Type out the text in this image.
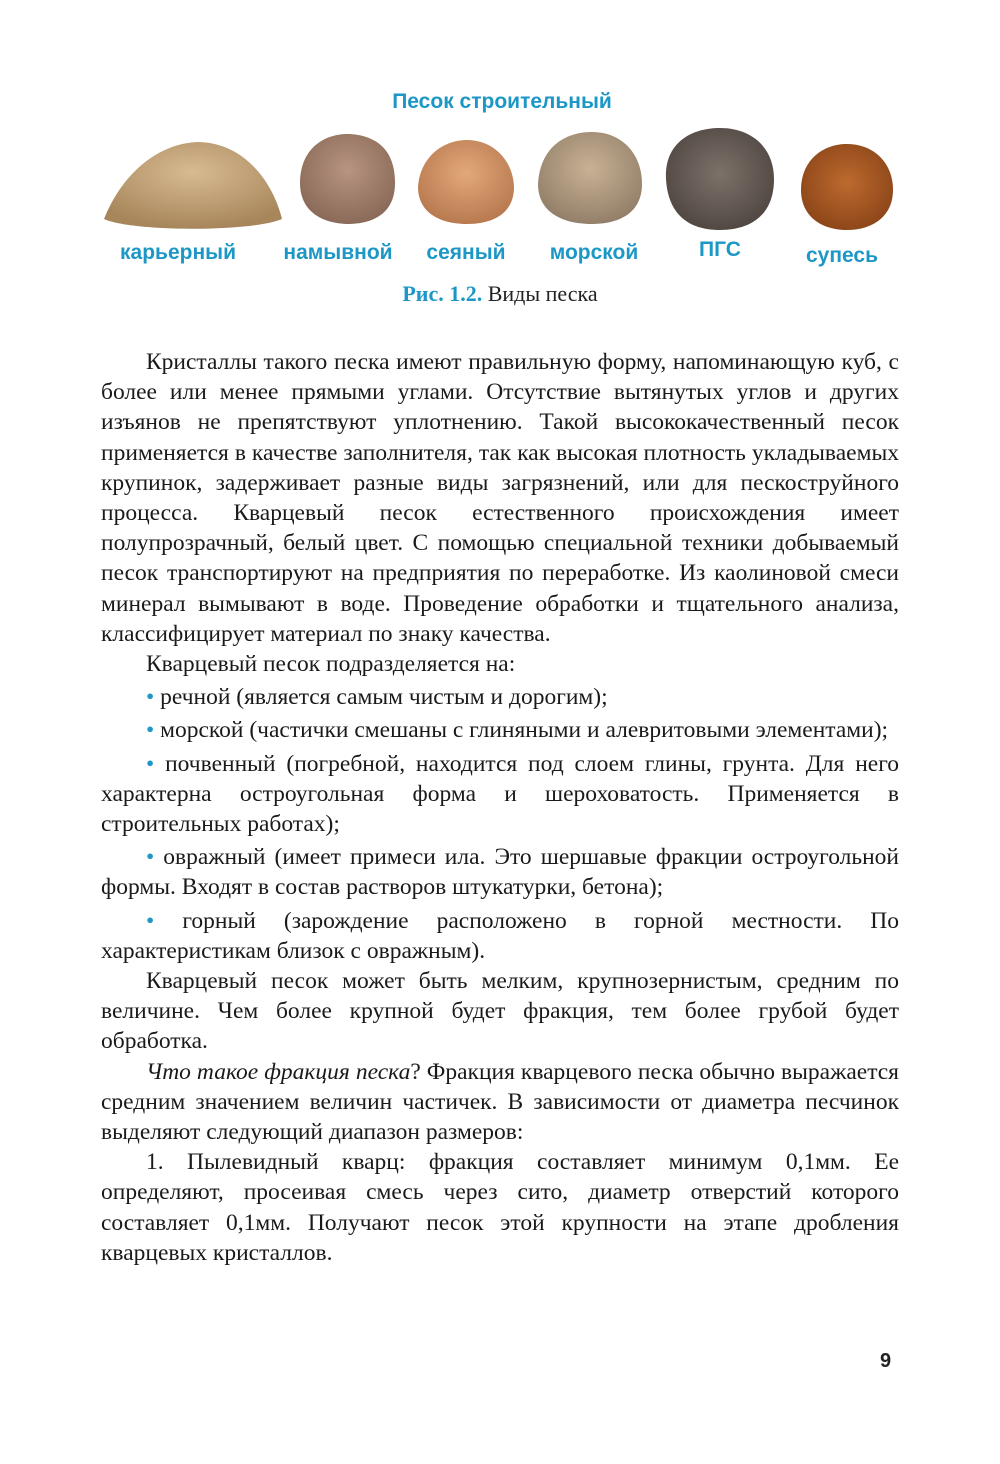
Песок строительный
карьерный намывной сеяный морской	ПГС	супесь
Рис. 1.2. Виды песка

Кристаллы такого песка имеют правильную форму, напоминающую куб, с более или менее прямыми углами. Отсутствие вытянутых углов и других изъянов не препятствуют уплотнению. Такой высококачественный песок применяется в качестве заполнителя, так как высокая плотность укладываемых крупинок, задерживает разные виды загрязнений, или для пескоструйного процесса. Кварцевый песок естественного происхождения имеет полупрозрачный, белый цвет. С помощью специальной техники добываемый песок транспортируют на предприятия по переработке. Из каолиновой смеси минерал вымывают в воде. Проведение обработки и тщательного анализа, классифицирует материал по знаку качества.

Кварцевый песок подразделяется на:

• речной (является самым чистым и дорогим);

• морской (частички смешаны с глиняными и алевритовыми элементами);

• почвенный (погребной, находится под слоем глины, грунта. Для него характерна остроугольная форма и шероховатость. Применяется в строительных работах);

• овражный (имеет примеси ила. Это шершавые фракции остроугольной формы. Входят в состав растворов штукатурки, бетона);

• горный (зарождение расположено в горной местности. По характеристикам близок с овражным).

Кварцевый песок может быть мелким, крупнозернистым, средним по величине. Чем более крупной будет фракция, тем более грубой будет обработка.

Что такое фракция песка? Фракция кварцевого песка обычно выражается средним значением величин частичек. В зависимости от диаметра песчинок выделяют следующий диапазон размеров:

1. Пылевидный кварц: фракция составляет минимум 0,1мм. Ее определяют, просеивая смесь через сито, диаметр отверстий которого составляет 0,1мм. Получают песок этой крупности на этапе дробления кварцевых кристаллов.

9
